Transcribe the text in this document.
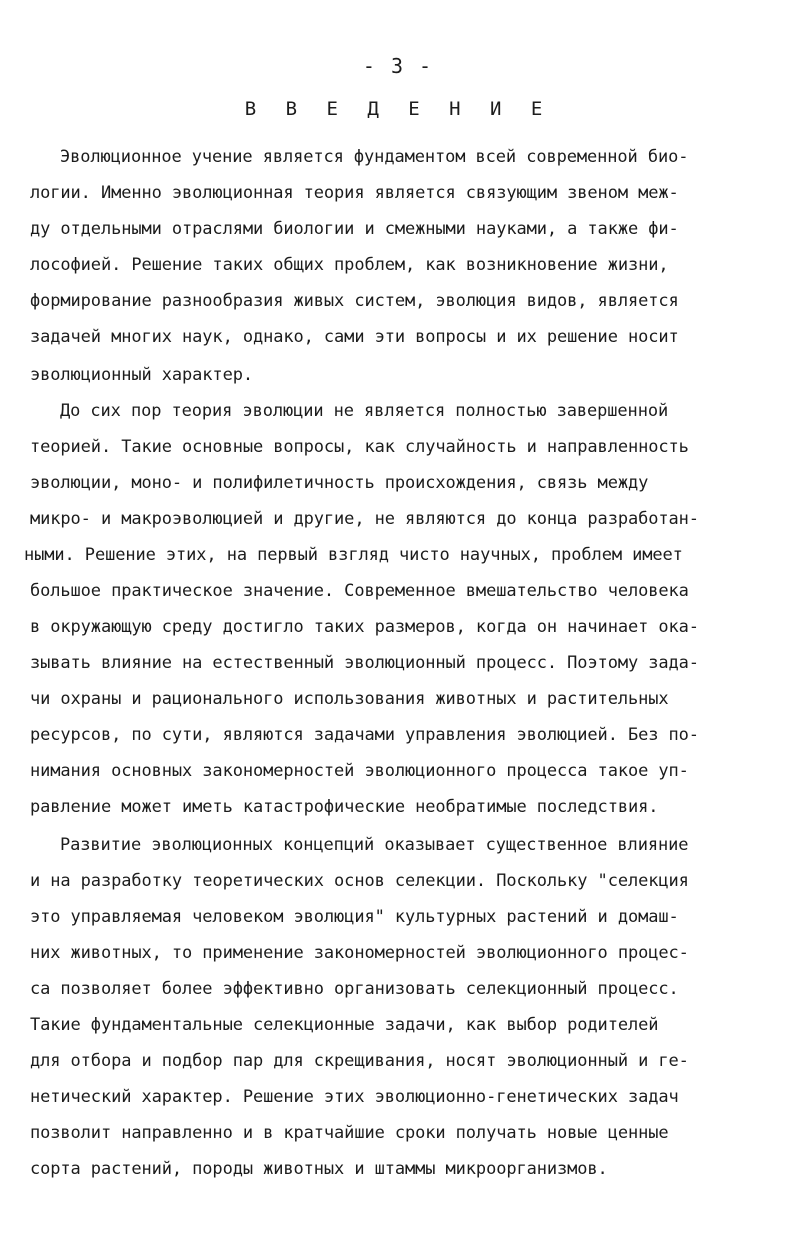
- 3 -
В В Е Д Е Н И Е
Эволюционное учение является фундаментом всей современной био-
логии. Именно эволюционная теория является связующим звеном меж-
ду отдельными отраслями биологии и смежными науками, а также фи-
лософией. Решение таких общих проблем, как возникновение жизни,
формирование разнообразия живых систем, эволюция видов, является
задачей многих наук, однако, сами эти вопросы и их решение носит
эволюционный характер.
До сих пор теория эволюции не является полностью завершенной
теорией. Такие основные вопросы, как случайность и направленность
эволюции, моно- и полифилетичность происхождения, связь между
микро- и макроэволюцией и другие, не являются до конца разработан-
ными. Решение этих, на первый взгляд чисто научных, проблем имеет
большое практическое значение. Современное вмешательство человека
в окружающую среду достигло таких размеров, когда он начинает ока-
зывать влияние на естественный эволюционный процесс. Поэтому зада-
чи охраны и рационального использования животных и растительных
ресурсов, по сути, являются задачами управления эволюцией. Без по-
нимания основных закономерностей эволюционного процесса такое уп-
равление может иметь катастрофические необратимые последствия.
Развитие эволюционных концепций оказывает существенное влияние
и на разработку теоретических основ селекции. Поскольку "селекция
это управляемая человеком эволюция" культурных растений и домаш-
них животных, то применение закономерностей эволюционного процес-
са позволяет более эффективно организовать селекционный процесс.
Такие фундаментальные селекционные задачи, как выбор родителей
для отбора и подбор пар для скрещивания, носят эволюционный и ге-
нетический характер. Решение этих эволюционно-генетических задач
позволит направленно и в кратчайшие сроки получать новые ценные
сорта растений, породы животных и штаммы микроорганизмов.
